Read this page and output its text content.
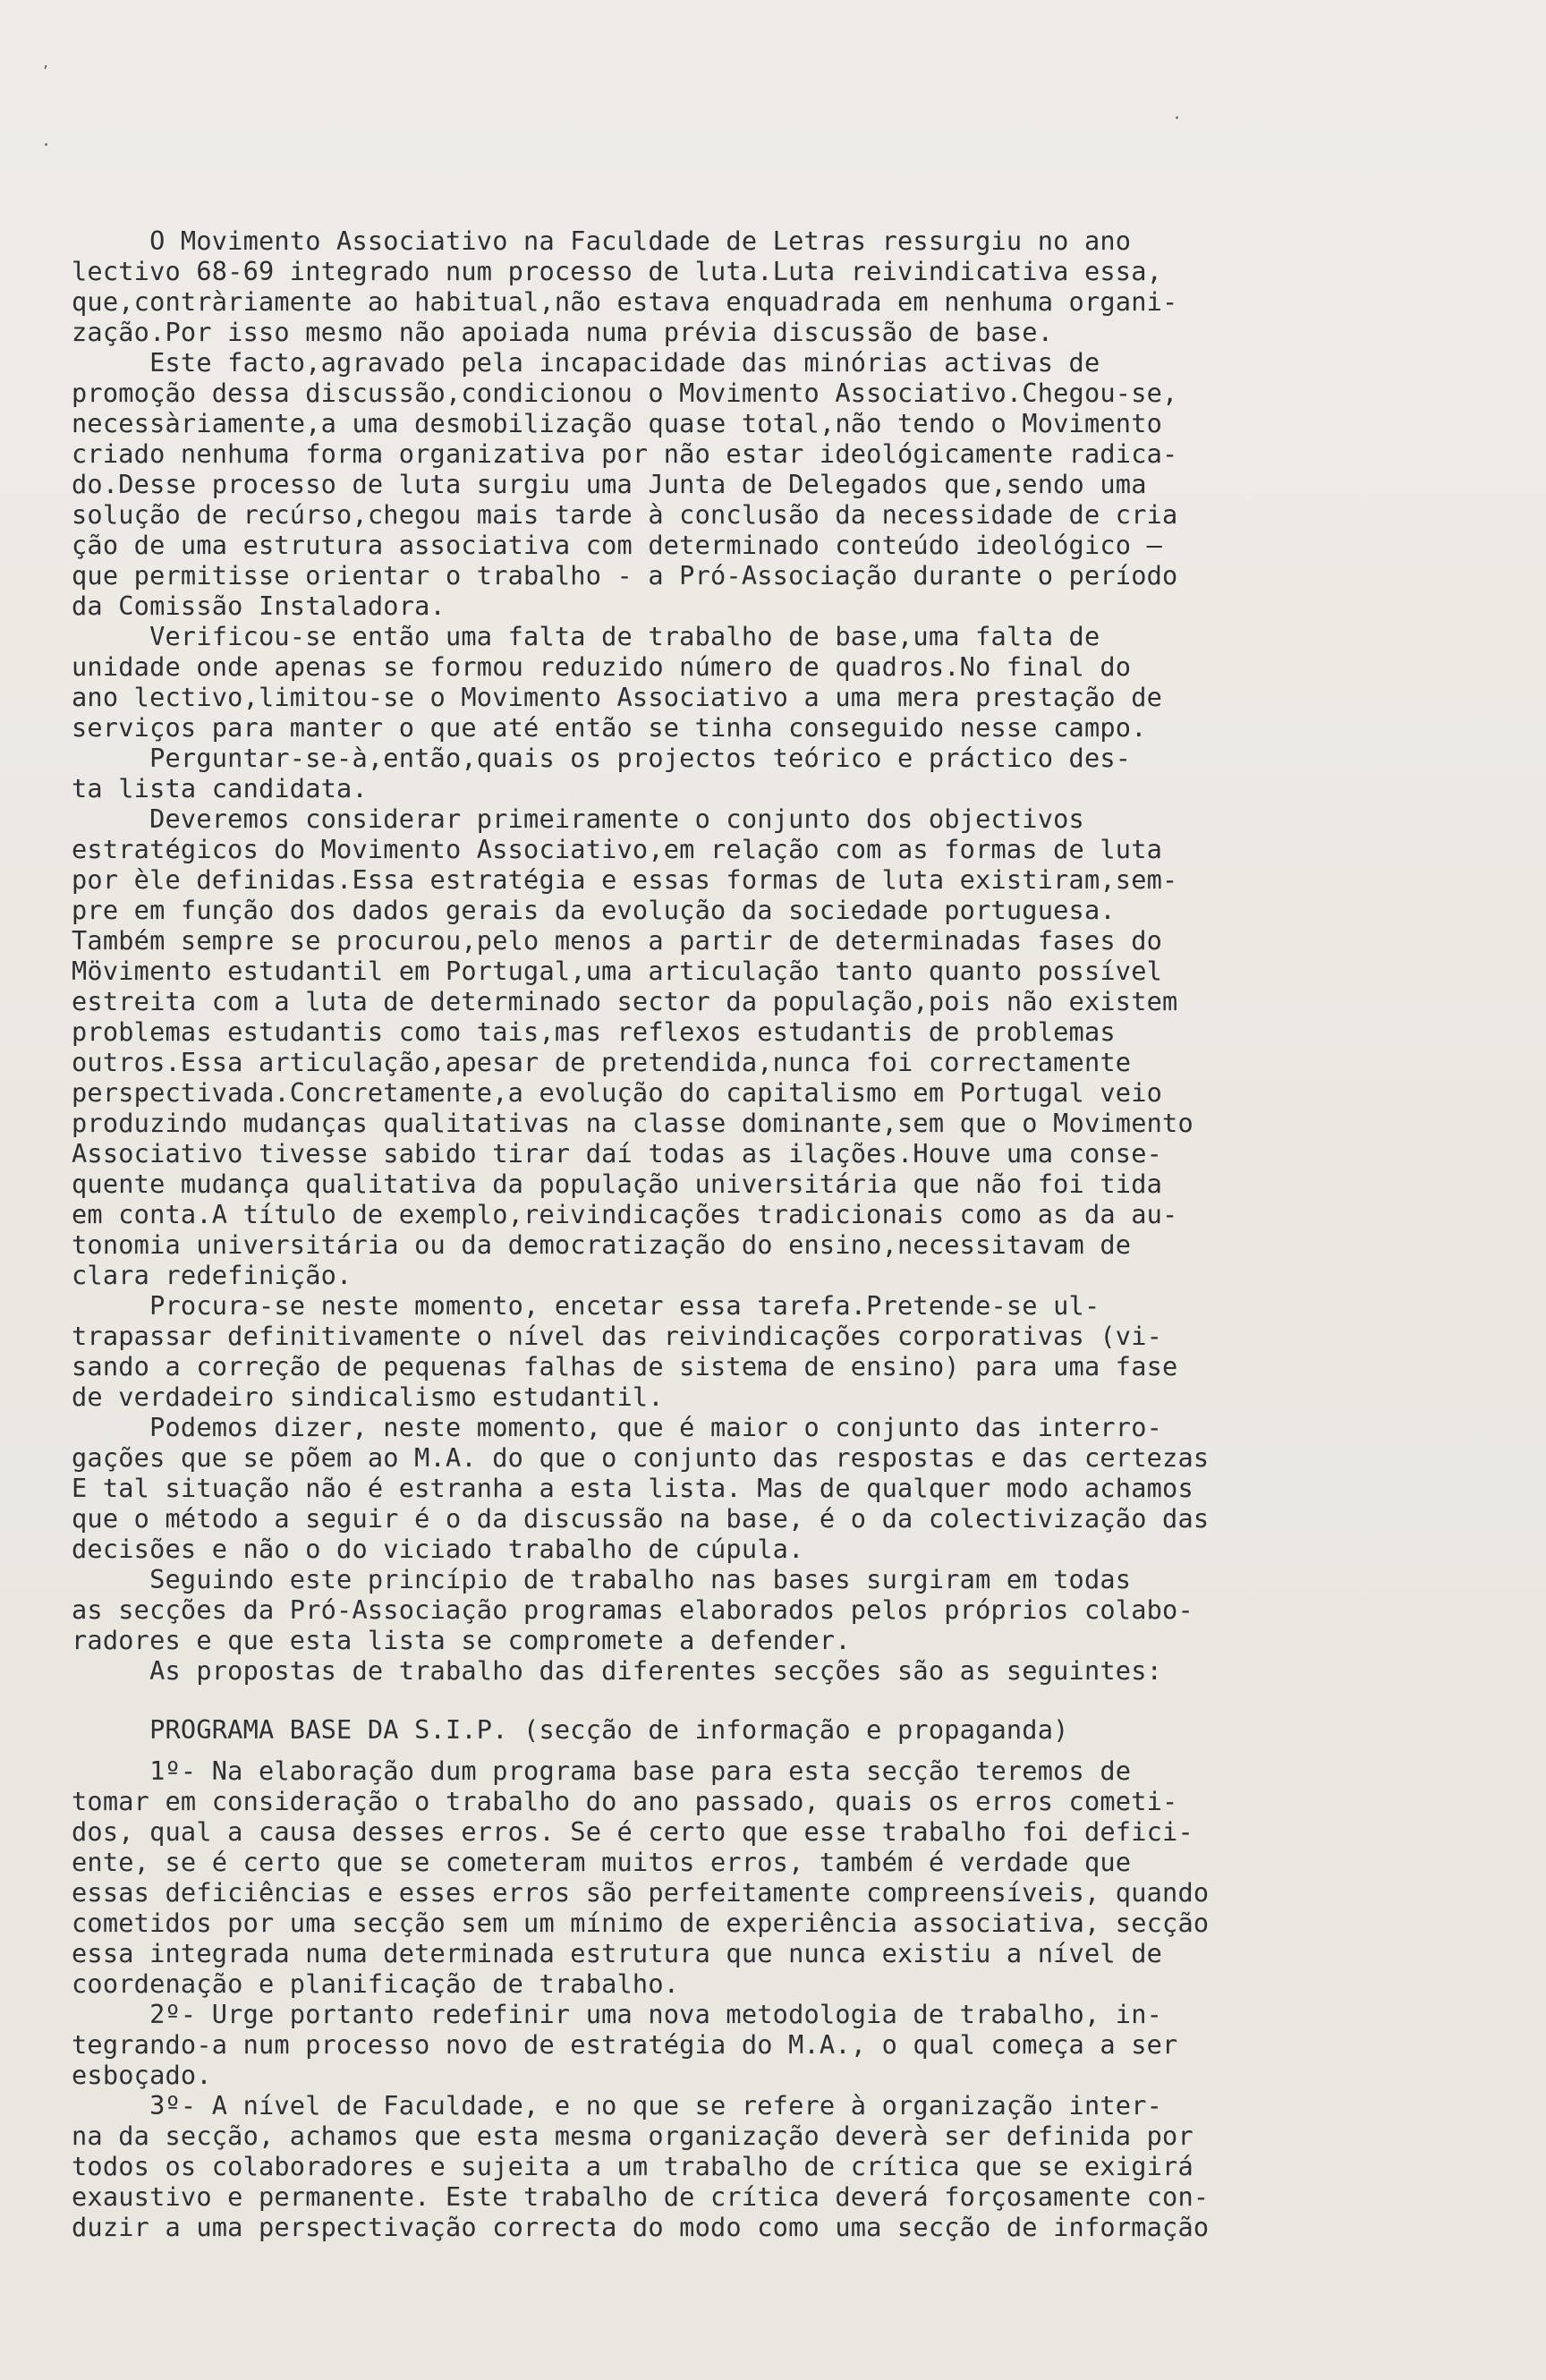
’
O Movimento Associativo na Faculdade de Letras ressurgiu no ano
lectivo 68-69 integrado num processo de luta.Luta reivindicativa essa,
que,contràriamente ao habitual,não estava enquadrada em nenhuma organi-
zação.Por isso mesmo não apoiada numa prévia discussão de base.
Este facto,agravado pela incapacidade das minórias activas de
promoção dessa discussão,condicionou o Movimento Associativo.Chegou-se,
necessàriamente,a uma desmobilização quase total,não tendo o Movimento
criado nenhuma forma organizativa por não estar ideológicamente radica-
do.Desse processo de luta surgiu uma Junta de Delegados que,sendo uma
solução de recúrso,chegou mais tarde à conclusão da necessidade de cria
ção de uma estrutura associativa com determinado conteúdo ideológico —
que permitisse orientar o trabalho - a Pró-Associação durante o período
da Comissão Instaladora.
Verificou-se então uma falta de trabalho de base,uma falta de
unidade onde apenas se formou reduzido número de quadros.No final do
ano lectivo,limitou-se o Movimento Associativo a uma mera prestação de
serviços para manter o que até então se tinha conseguido nesse campo.
Perguntar-se-à,então,quais os projectos teórico e práctico des-
ta lista candidata.
Deveremos considerar primeiramente o conjunto dos objectivos
estratégicos do Movimento Associativo,em relação com as formas de luta
por èle definidas.Essa estratégia e essas formas de luta existiram,sem-
pre em função dos dados gerais da evolução da sociedade portuguesa.
Também sempre se procurou,pelo menos a partir de determinadas fases do
Mövimento estudantil em Portugal,uma articulação tanto quanto possível
estreita com a luta de determinado sector da população,pois não existem
problemas estudantis como tais,mas reflexos estudantis de problemas
outros.Essa articulação,apesar de pretendida,nunca foi correctamente
perspectivada.Concretamente,a evolução do capitalismo em Portugal veio
produzindo mudanças qualitativas na classe dominante,sem que o Movimento
Associativo tivesse sabido tirar daí todas as ilações.Houve uma conse-
quente mudança qualitativa da população universitária que não foi tida
em conta.A título de exemplo,reivindicações tradicionais como as da au-
tonomia universitária ou da democratização do ensino,necessitavam de
clara redefinição.
Procura-se neste momento, encetar essa tarefa.Pretende-se ul-
trapassar definitivamente o nível das reivindicações corporativas (vi-
sando a correção de pequenas falhas de sistema de ensino) para uma fase
de verdadeiro sindicalismo estudantil.
Podemos dizer, neste momento, que é maior o conjunto das interro-
gações que se põem ao M.A. do que o conjunto das respostas e das certezas
E tal situação não é estranha a esta lista. Mas de qualquer modo achamos
que o método a seguir é o da discussão na base, é o da colectivização das
decisões e não o do viciado trabalho de cúpula.
Seguindo este princípio de trabalho nas bases surgiram em todas
as secções da Pró-Associação programas elaborados pelos próprios colabo-
radores e que esta lista se compromete a defender.
As propostas de trabalho das diferentes secções são as seguintes:
PROGRAMA BASE DA S.I.P. (secção de informação e propaganda)
1º- Na elaboração dum programa base para esta secção teremos de
tomar em consideração o trabalho do ano passado, quais os erros cometi-
dos, qual a causa desses erros. Se é certo que esse trabalho foi defici-
ente, se é certo que se cometeram muitos erros, também é verdade que
essas deficiências e esses erros são perfeitamente compreensíveis, quando
cometidos por uma secção sem um mínimo de experiência associativa, secção
essa integrada numa determinada estrutura que nunca existiu a nível de
coordenação e planificação de trabalho.
2º- Urge portanto redefinir uma nova metodologia de trabalho, in-
tegrando-a num processo novo de estratégia do M.A., o qual começa a ser
esboçado.
3º- A nível de Faculdade, e no que se refere à organização inter-
na da secção, achamos que esta mesma organização deverà ser definida por
todos os colaboradores e sujeita a um trabalho de crítica que se exigirá
exaustivo e permanente. Este trabalho de crítica deverá forçosamente con-
duzir a uma perspectivação correcta do modo como uma secção de informação
